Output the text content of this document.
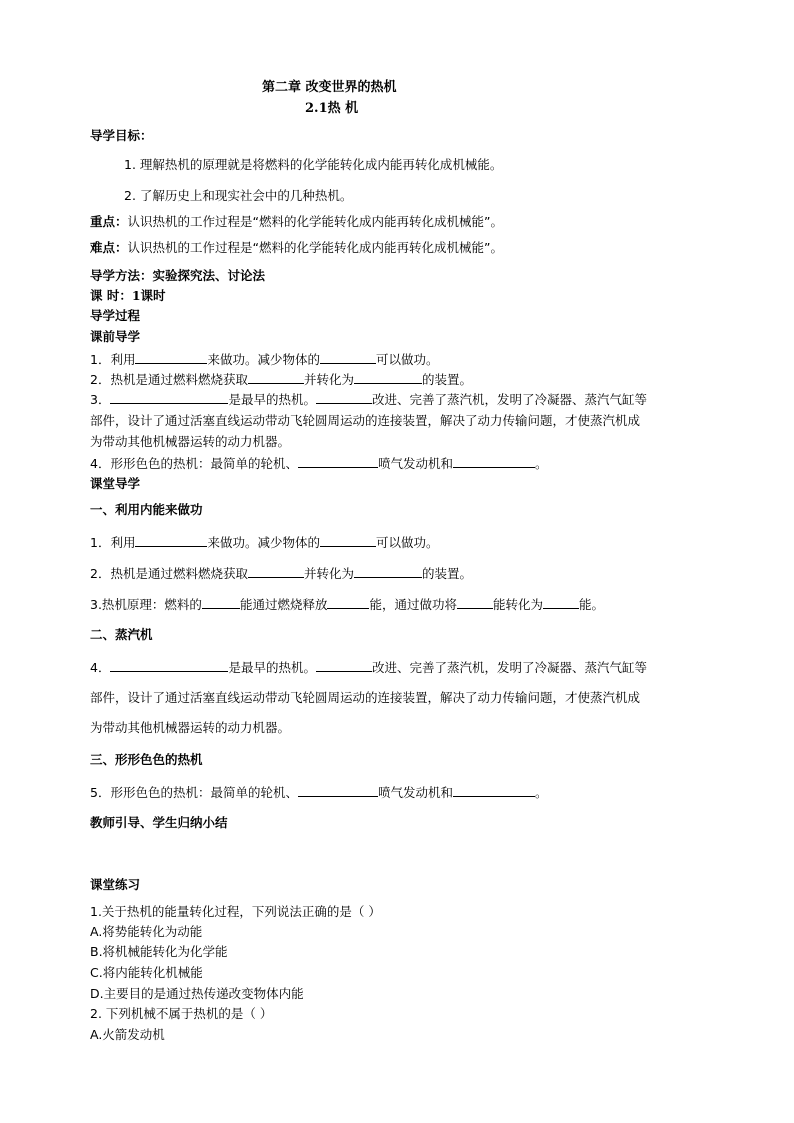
第二章 改变世界的热机
2.1热 机
导学目标：
1. 理解热机的原理就是将燃料的化学能转化成内能再转化成机械能。
2. 了解历史上和现实社会中的几种热机。
重点：认识热机的工作过程是“燃料的化学能转化成内能再转化成机械能”。
难点：认识热机的工作过程是“燃料的化学能转化成内能再转化成机械能”。
导学方法：实验探究法、讨论法
课 时：1课时
导学过程
课前导学
1．利用	来做功。减少物体的	可以做功。
2．热机是通过燃料燃烧获取	并转化为	的装置。
3．	是最早的热机。	改进、完善了蒸汽机，发明了冷凝器、蒸汽气缸等
部件，设计了通过活塞直线运动带动飞轮圆周运动的连接装置，解决了动力传输问题，才使蒸汽机成
为带动其他机械器运转的动力机器。
4．形形色色的热机：最简单的轮机、	喷气发动机和	。
课堂导学
一、利用内能来做功
1．利用	来做功。减少物体的	可以做功。
2．热机是通过燃料燃烧获取	并转化为	的装置。
3.热机原理：燃料的	能通过燃烧释放	能，通过做功将	能转化为	能。
二、蒸汽机
4．	是最早的热机。	改进、完善了蒸汽机，发明了冷凝器、蒸汽气缸等
部件，设计了通过活塞直线运动带动飞轮圆周运动的连接装置，解决了动力传输问题，才使蒸汽机成
为带动其他机械器运转的动力机器。
三、形形色色的热机
5．形形色色的热机：最简单的轮机、	喷气发动机和	。
教师引导、学生归纳小结
课堂练习
1.关于热机的能量转化过程，下列说法正确的是（ ）
A.将势能转化为动能
B.将机械能转化为化学能
C.将内能转化机械能
D.主要目的是通过热传递改变物体内能
2. 下列机械不属于热机的是（ ）
A.火箭发动机
